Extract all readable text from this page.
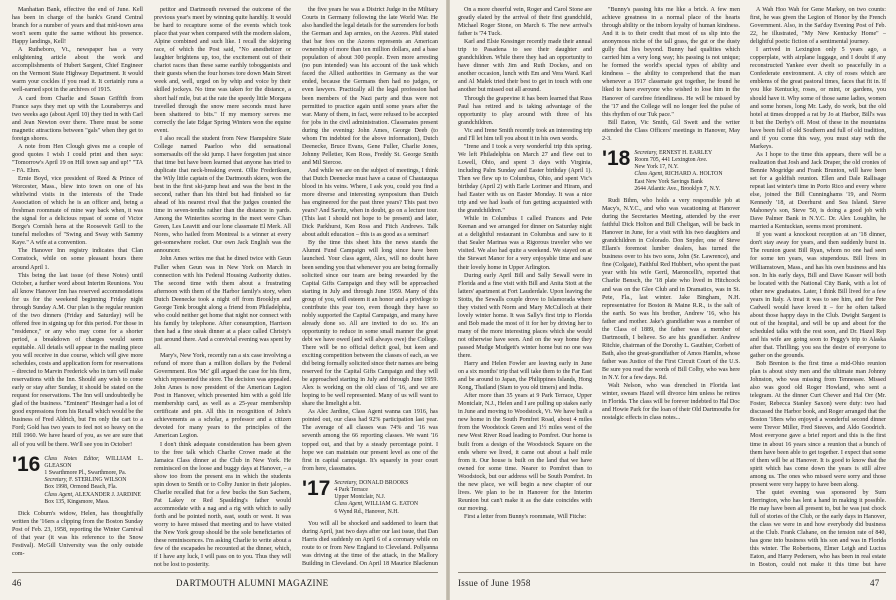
Manhattan Bank, effective the end of June. Kell has been in charge of the bank's Grand Central branch for a number of years and that mid-town area won't seem quite the same without his presence. Happy landings, Kell!

A Rutheboro, Vt., newspaper has a very enlightening article about the work and accomplishments of Hubert Sargent, Chief Engineer on the Vermont State Highway Department. It would warm your cockles if you read it. It certainly runs a well-earned spot in the archives of 1915.

A card from Charlie and Susan Griffith from France says they met up with the Lounsberrys and two weeks ago (about April 10) they tied in with Carl and Jean Newton over there. There must be some magnetic attractions between "gals" when they get to foreign shores.

A note from Hen Clough gives me a couple of good quotes I wish I could print and then says: "Tomorrow's April 19 on Hill town sap and up!" "TA – FA. Ehrn.

Ernie Boyd, vice president of Reed & Prince of Worcester, Mass., blew into town on one of his whirlwind visits in the interests of the Trade Association of which he is an officer and, being a freshman roommate of mine way back when, it was the signal for a delicious repast of some of Victor Borge's Cornish hens at the Roosevelt Grill to the tuneful melodies of "Swing and Sway with Sammy Kaye." A wife at a convention.

The Hanover Inn registry indicates that Clan Comstock, while on some pleasant hours there around April 1.

This being the last issue (of these Notes) until October, a further word about Interim Reunions. You all know Hanover Inn has reserved accommodations for us for the weekend beginning Friday night through Sunday A.M. Our plan is the regular reunion of the two dinners (Friday and Saturday) will be offered free in signing up for this period. For those in "residence," or any who may come for a shorter period, a breakdown of charges would seem equitable. All details will appear in the mailing piece you will receive in due course, which will give more schedules, costs and application form for reservations – directed to Marvin Frederick who in turn will make reservations with the Inn. Should any wish to come early or stay after Sunday, it should be stated on the request for reservations. The Inn will undoubtedly be glad of the business. "Eminent" Hesinger had a lot of good expressions from his Rexall which would be the business of Fred Aldrich, but I'm only the cart to a Ford; Gold has two years to feel not so heavy on the Hill 1960. We have heard of you, as we are sure that all of you will be there. We'll see you in October!

'16 Class Notes Editor, WILLIAM L. GLEASON
1 Swarthmore Pl., Swarthmore, Pa.
Secretary, F. STERLING WILSON
Box 1998, Ormond Beach, Fla.
Class Agent, ALEXANDER J. JARDINE
Box 135, Kingsmore, Mass.

Dick Coburn's widow, Helen, has thoughtfully written the '16ers a clipping from the Boston Sunday Post of Feb. 23, 1958, reporting the Winter Carnival of that year (it was his reference to the Snow Festival). McGill University was the only outside com-

petitor and Dartmouth reversed the outcome of the previous year's meet by winning quite handily. It would be hard to recapture some of the events which took place that year when compared with the modern slalom, Alpine combined and such like. I recall the skijoring race, of which the Post said, "No anesthetizer or laughter brightens up, too, the excitement out of their chariot races than these same earthly tobogganists and their guests when the four horses tore down Main Street week and, well, urged on by whip and voice by their skilled jockeys. No time was taken for the distance, a short half mile, but at the rate the speedy little Morgans travelled through the snow mere seconds must have been shattered to bits." If my memory serves me correctly the late Edgar Spring Winters won the equine event.

I also recall the student from New Hampshire State College named Paarloo who did sensational somersaults off the ski jump. I have forgotten just since that time but have been learned that anyone has tried to duplicate that neck-breaking event. Ollie Frederiksen, the Wily little captain of the Dartmouth skiers, won the best in the first ski-jump heat and was the best in the second, rather than his third but had finished so far ahead of his nearest rival that the judges counted the time in seven-tenths rather than the distance in yards. Among the Winterites scoring in the meet were Chan Green, Les Leavitt and our lone classmate El Merk. All Nores, who hailed from Montreal is a winner at every get-somewhere rocket. Our own Jack English was the announcer.

John Ames writes me that he dined twice with Geun Fuller when Geun was in New York on March in connection with his Federal Housing Authority duties. The second time with them about a frustrating afternoon with them of the Harbor family's story, when Dutch Deenecke took a night off from Brooklyn and George Tenk brought along a friend from Philadelphia, who could neither get home that night nor connect with his family by telephone. After consumption, Harrison then had a fine steak dinner at a place called Christy's just around there. And a convivial evening was spent by all.

Mary's, New York, recently ran a six case involving a refund of more than a million dollars by the Federal Government. Ros 'Mc' gill argued the case for his firm, which represented the store. The decision was appealed. John Ames is now president of the American Legion Post in Hanover, which presented him with a gold life membership card, as well as a 25-year membership certificate and pin. All this in recognition of John's achievements as a scholar, a professor and a citizen devoted for many years to the principles of the American Legion.

I don't think adequate consideration has been given to the free talk which Charlie Crowe made at the Jamaica Class dinner at the Club in New York. He reminisced on the loose and buggy days at Hanover, – a show too from the present era in which the students spin down to Smith or to Colby Junior in their jalopies. Charlie recalled that for a few bucks the Sun Sachem, Pat Lakey or Red Spaulding's father would accommodate with a nag and a rig with which to sally forth and be pointed north, east, south or west. It was worry to have missed that meeting and to have visited the New York group should be the sole beneficiaries of these reminiscences. I'm asking Charlie to write about a few of the escapades he recounted at the dinner, which, if I have any luck, I will pass on to you. Thus they will not be lost to posterity.

the five years he was a District Judge in the Military Courts in Germany following the late World War. He also handled the legal details for the surrenders for both the German and Jap armies, on the Azores. Phil stated that bar fees on the Azores represents an American ownership of more than ten million dollars, and a base population of about 300 people. Even more arresting (no pun intended) was his account of the task which faced the Allied authorities in Germany as the war ended, because the Germans then had no judges, or even lawyers. Practically all the legal profession had been members of the Nazi party and thus were not permitted to practice again until some years after the war. Many of them, in fact, were refused to be accepted for jobs in the civil administration. Classmates present during the evening: John Ames, George Deeb (to whom I'm indebted for the above information), Dutch Deenecke, Bruce Evans, Gene Fuller, Charlie Jones, Johnny Pelletier, Ken Ross, Freddy St. George Smith and Mil Siercoe.

And while we are on the subject of meetings, I think that Dutch Deenecke must have a cause of Chautauqua blood in his veins. Where, I ask you, could you find a more diverse and interesting symposium than Dutch has engineered for the past three years? This past two years? And Savitz, when in doubt, go on a lecture tour. (This last I should not hope to be present) and later, Dick Parkhurst, Ken Ross and Fitch Andrews. Talk about adult education – this is as good as a seminar!

By the time this sheet hits the news stands the Alumni Fund Campaign will long since have been launched. Your class agent, Alex, will no doubt have been sending you that whenever you are being formally solicited since our team are being rewarded by the Capital Gifts Campaign and they will be approached starting in July and through June 1959. Many of this group of you, will esteem it an honor and a privilege to contribute this year too, even though they have so nobly supported the Capital Campaign, and many have already done so. All are invited to do so. It's an opportunity to reduce in some small manner the great debt we have owed (and will always owe) the College. There will be no official deficit goal, but keen and exciting competition between the classes of each, as we did being formally solicited since their names are being reserved for the Capital Gifts Campaign and they will be approached starting in July and through June 1959. Alex is working on the old class of '16, and we are hoping to be well represented. Many of us will want to share the limelight a bit.

As Alec Jardine, Class Agent wanna can 1916, has pointed out, our class had 92% participation last year. The average of all classes was 74% and '16 was seventh among the 66 reporting classes. We want '16 topped out, and that by a steady percentage point. I hope we can maintain our present level as one of the first in capital campaign. It's squarely in your court from here, classmates.

'17 Secretary, DONALD BROOKS
4 Park Terrace
Upper Montclair, N.J.
Class Agent, WILLIAM G. EATON
6 Wynd Rd., Hanover, N.H.

You will all be shocked and saddened to learn that during April, just two days after our last issue, that Dan Harris died suddenly on April 6 of a coronary while on route to or from New England to Cleveland. Pollyanna was driving at the time of the attack, in the Mallory Building in Cleveland. On April 18 Maurice Blackmun

46	DARTMOUTH ALUMNI MAGAZINE

On a more cheerful vein, Roger and Carol Stone are greatly elated by the arrival of their first grandchild, Michael Roger Stone, on March 6. The new arrival's father is '74 Tuck.

Karl and Elsie Kessinger recently made their annual trip to Pasadena to see their daughter and grandchildren. While there they had an opportunity to have dinner with Jim and Ruth Dockes, and on another occasion, lunch with Em and Vera Ward. Karl and Al Malek tried their best to get in touch with one another but missed out all around.

Through the grapevine it has been learned that Russ Paul has retired and is taking advantage of the opportunity to play around with three of his grandchildren.

Vic and Irene Smith recently took an interesting trip and I'll let him tell you about it in his own words.

"Irene and I took a very wonderful trip this spring. We left Philadelphia on March 27 and flew out to Lowell, Ohio, and spent 3 days with Virginia, including Palm Sunday and Easter birthday (April 1). Then we flew up to Columbus, Ohio, and spent Vic's birthday (April 2) with Earle Lorimer and Hiram, and had Easter with us on Easter Monday. It was a nice trip and we had loads of fun getting acquainted with the grandchildren."

While in Columbus I called Frances and Pete Keenan and we arranged for dinner on Saturday night at a delightful restaurant in Columbus and saw to it that Sealer Marinas was a Rigorous traveler who we visited. We also had quite a weekend. We stayed on at the Stewart Manor for a very enjoyable time and saw their lovely home in Upper Arlington.

During early April Bill and Sally Sewall were in Florida and a fine visit with Bill and Anita Stott at the latters' apartment at Fort Lauderdale. Upon leaving the Stotts, the Sewalls couple drove to Islamorada where they visited with Norm and Mary McCulloch at their lovely winter home. It was Sally's first trip to Florida and Bob made the most of it for her by driving her to many of the more interesting places which she would not otherwise have seen. And on the way home they passed Mudge Mudgett's winter home but no one was there.

Harry and Helen Fowler are leaving early in June on a six months' trip that will take them to the Far East and be around to Japan, the Philippines Islands, Hong Kong, Thailand (Siam to you old timers) and India.

After more than 35 years at 9 Park Terrace, Upper Montclair, N.J., Helen and I are pulling up stakes early in June and moving to Woodstock, Vt. We have built a new home in the South Pomfret Road, about 4 miles from the Woodstock Green and 1½ miles west of the new West River Road leading to Pomfret. Our home is built from a design of the Woodstock Square on the ends where we lived, it came out about a half mile from it. Our house is built on the land that we have owned for some time. Nearer to Pomfret than to Woodstock, but our address will be South Pomfret. In the new place, we will begin a new chapter of our lives. We plan to be in Hanover for the Interim Reunion but can't make it as the date coincides with our moving.

First a letter from Bunny's roommate, Will Fitche:

"Bunny's passing hits me like a brick. A few men achieve greatness in a normal place of the hearts through ability or the inborn loyalty of human kindness. And it is to their credit that most of us slip into the anonymous niche of the tall grass, the gut or the dusty gully that lies beyond. Bunny had qualities which carried him a very long way; his passing is not unique; he formed the world's special types of ability and kindness – the ability to comprehend that the man whenever a 1917 classmate got together, he found he liked to have everyone who wished to lose him in the Hanover of carefree friendliness. He will be missed by the '17 and the College will no longer feel the pulse of this rhythm of our Tuk pace."

Bill Eaton, Vic Smith, Gil Swett and the writer attended the Class Officers' meetings in Hanover, May 2-3.

'18 Secretary, ERNEST H. EARLEY
Room 705, 441 Lexington Ave.
New York 17, N.Y.
Class Agent, RICHARD A. HOLTON
East New York Savings Bank
2644 Atlantic Ave., Brooklyn 7, N.Y.

Rudi Bihm, who holds a very responsible job at Macy's, N.Y.C., and who was vacationing at Hanover during the Secretaries Meeting, attended by the ever faithful Dick Holton and Bill Cheligan, will be back in Hanover in June, for a visit with his two daughters and grandchildren in Colorado. Don Snyder, one of Steve Ellam's foremost lumber dealers, has turned the business over to his two sons, John (Sr. Lawrence), and fine (Colgate), Faithful Red Hubbert, who spent the past year with his wife Gertl, Maroncelli's, reported that Charlie Bensch, the '18 plate who lived in Hitchcock and was on the Glee Club and in Dramatics, was in St. Pete, Fla., last winter. Jake Bingham, N.H. representative for Boston & Maine R.R., is the salt of the earth. So was his brother, Andrew '16, who his father and mother. Jake's grandfather was a member of the Class of 1889, the father was a member of Dartmouth, I believe. So are his grandfather. Andrew Ritchie, chairman of the Dorothy L. Gauthier, Corbett of Bath, also the great-grandfather of Amos Hamlin, whose father was Justice of the First Circuit Court of the U.S. Be sure you read the words of Bill Colby, who was here in N.Y. for a few days. Rd.

Walt Nelson, who was drenched in Florida last winter, swears Hazel will divorce him unless he retires in Florida. The class will be forever indebted to Hal Doc and Howie Park for the loan of their Old Dartmouths for nostalgic effects in class notes...

A Wah Hoo Wah for Gene Markey, on two counts: first, he was given the Legion of Honor by the French Government. Also, in the Sat'day Evening Post of Feb. 22, he illustrated, "My New Kentucky Home" – delightful poetic fiction of a sentimental journey.

I arrived in Lexington only 5 years ago, a copperplate, with airplane luggage, and I doubt if any reconstructed Yankee ever dwelt so peacefully in a Confederate environment. A city of roses which are emblems of the great pastoral times, faces that fit in. If you like Kentucky, roses, or mint, or gardens, you should have it. Why some of those same ladies, women and some horses, long Mr. Lady, do work, but the old hotel at times dropped a rat by Jo at Harbor, Bill's was it but the Derby's off. Most of these in the mountains have been full of old Southern and full of old tradition, and if you come this way, you must stay with the Markeys.

As I hope to the time this appears, there will be a realization that Josh and Jack Draper, the old cronies of Bennie Mogridge and Frank Brunton, will have been set for a goldfish reunion. Ellen and Dale Rallisage repeat last winter's time in Porto Rico and every where else, joined the Bill Cunninghams '19, and Norm Kennedy '18, at Deerhurst and Sea Island. Steve Mahoney's son, Steve '50, is doing a good job with Dave Palmer Bank in N.Y.C. Dr. Alex Loughlin, he married a Kentuckian, seems most prominent.

If you want a knockout reception at an '18 dinner, don't stay away for years, and then suddenly burst in. The reunion guest Bill Ryan, whom no one had seen for some ten years, was stupendous. Bill lives in Williamstown, Mass., and has his own business and his son. In his early days, Bill and Dave Kasser will both be located with the National City Bank, with a lot of other new graduates. Later, I think Bill lived for a few years in Italy. A treat it was to see him, and for Pete Cadwell would have loved it – for he often talked about those happy days in the Club. Dwight Sargent is out of the hospital, and will be up and about for the scheduled talks with the rest soon, and Dr. Hazel Rep and his wife are going soon to Peggy's trip to Alaska after that. Thrilling; you sea the desire of everyone to gather on the grounds.

Bob Brenton is the first time a mid-Ohio reunion plan is about sixty men and the ultimate man Johnny Johnston, who was missing from Tennessee. Missed also was good old Roger Howland, who sent a telegram. At the dinner Curt Chever and Hal Orr (Mr. Foster, Rebecca Stanley Saxon) were duty: two had discussed the Harbor book, and Roger arranged that the Boston '18ers who enjoyed a wonderful second dinner were Trevor Miller, Fred Steeves, and Aldo Goodrich. Most everyone gave a brief report and this is the first time in about 16 years since a reunion that a bunch of them have been able to get together. I expect that some of them will be at Hanover. It is good to know that the spirit which has come down the years is still alive among us. The ones who missed were sorry and those present were very happy to have been along.

The quiet evening was sponsored by Sum Herrington, who has lent a hand in making it possible. He may have been all present to, but he was just chock full of stories of the Club, or the early days in Hanover, the class we were in and how everybody did business at the Club. Frank Clahane, on the tension rate of 840, has gone into business with his son and was in Florida this winter. The Robertsons, Elmer Leigh and Lucius Eaton, and Harry Pedersen, who has been in real estate in Boston, could not make it this time but have

Issue of June 1958	47
